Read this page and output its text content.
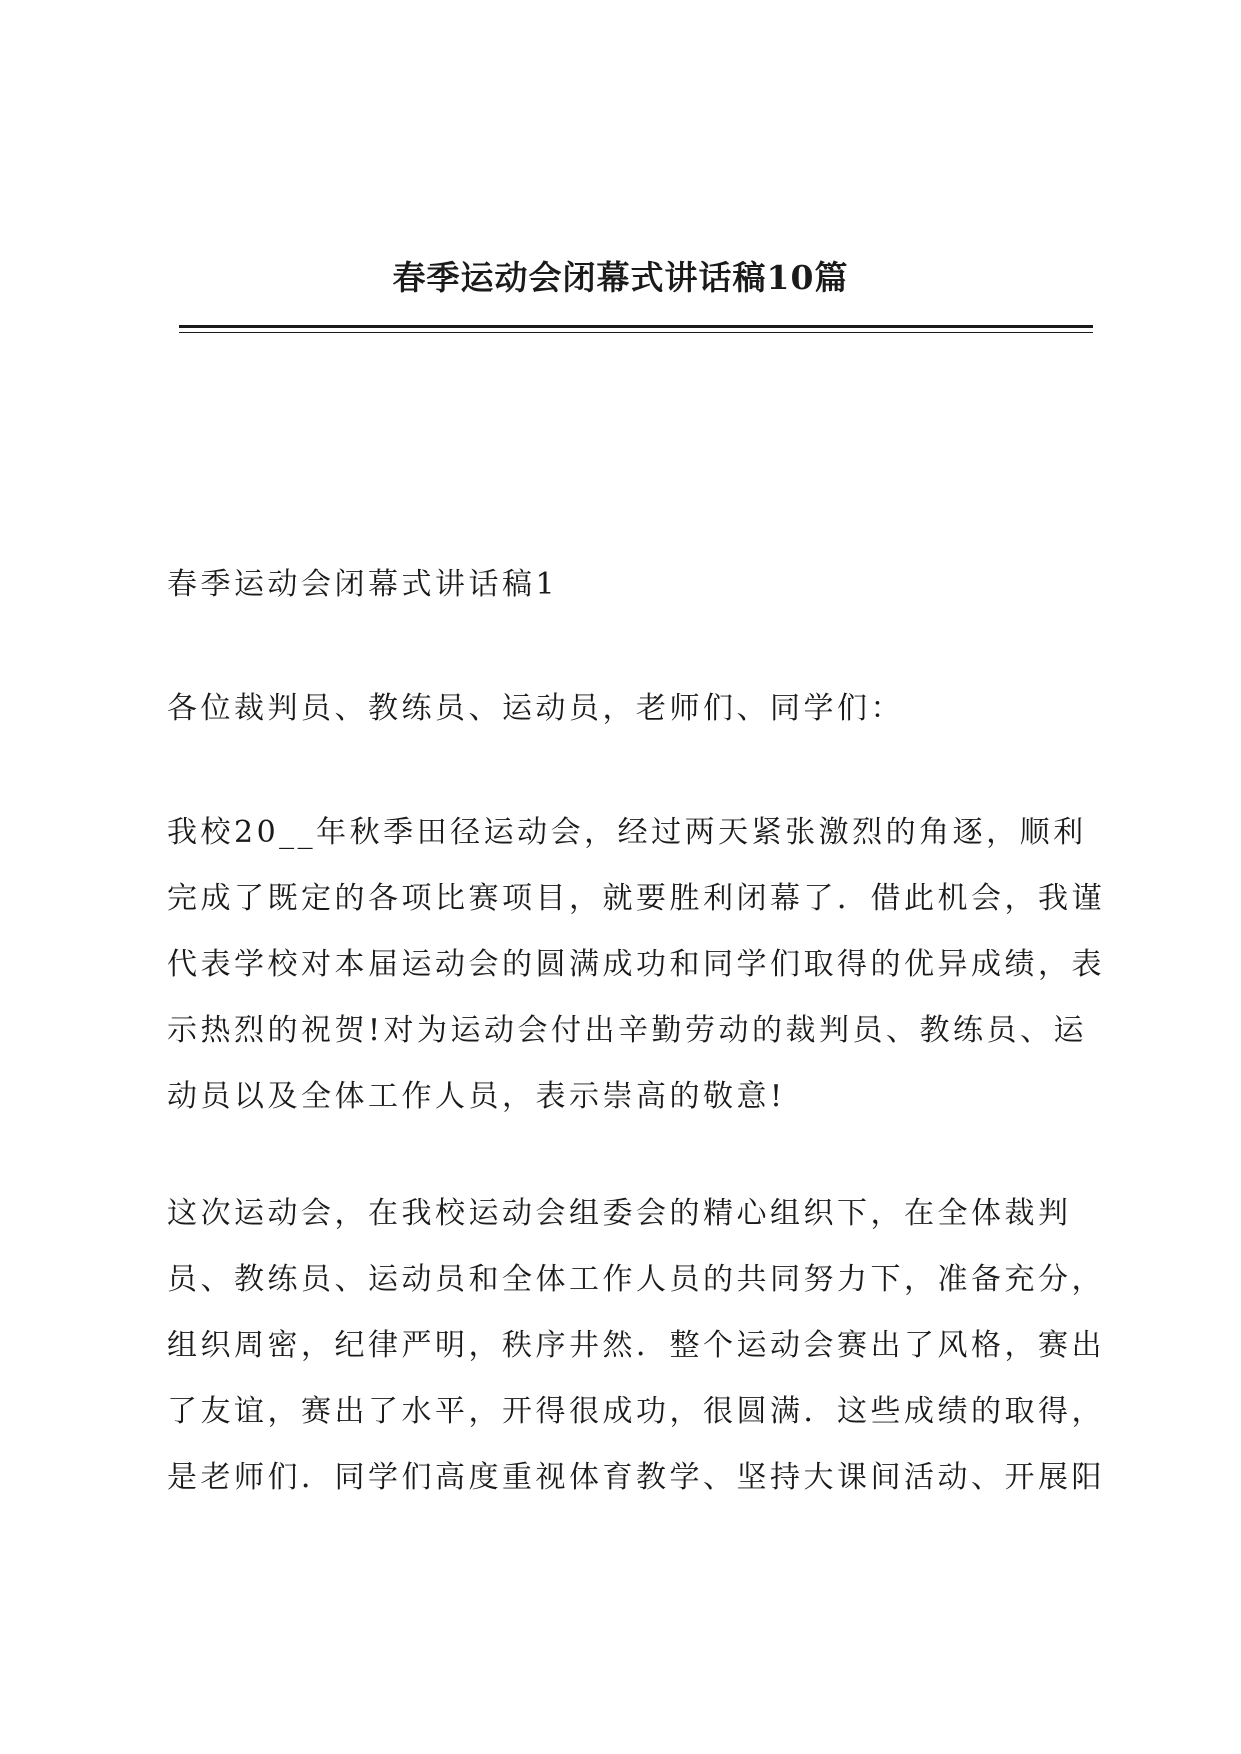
春季运动会闭幕式讲话稿10篇

春季运动会闭幕式讲话稿1

各位裁判员、教练员、运动员，老师们、同学们：

我校20__年秋季田径运动会，经过两天紧张激烈的角逐，顺利
完成了既定的各项比赛项目，就要胜利闭幕了．借此机会，我谨
代表学校对本届运动会的圆满成功和同学们取得的优异成绩，表
示热烈的祝贺!对为运动会付出辛勤劳动的裁判员、教练员、运
动员以及全体工作人员，表示崇高的敬意!

这次运动会，在我校运动会组委会的精心组织下，在全体裁判
员、教练员、运动员和全体工作人员的共同努力下，准备充分，
组织周密，纪律严明，秩序井然．整个运动会赛出了风格，赛出
了友谊，赛出了水平，开得很成功，很圆满．这些成绩的取得，
是老师们．同学们高度重视体育教学、坚持大课间活动、开展阳
